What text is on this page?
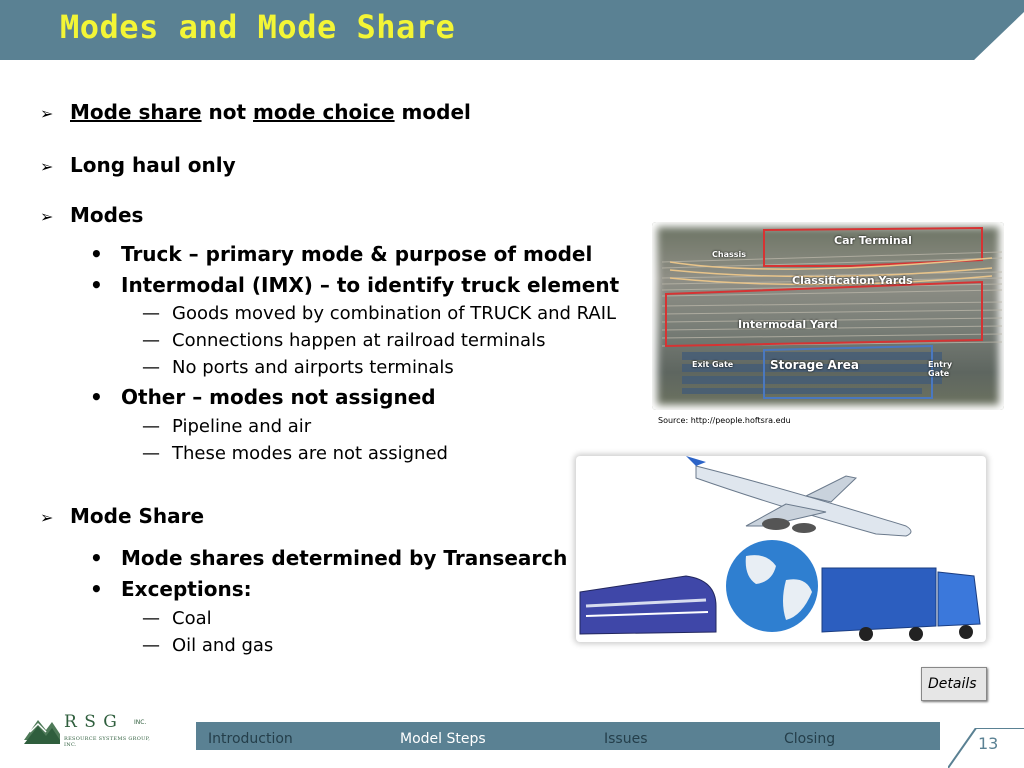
Modes and Mode Share
➢ Mode share not mode choice model
➢ Long haul only
➢ Modes
• Truck – primary mode & purpose of model
• Intermodal (IMX) – to identify truck element
— Goods moved by combination of TRUCK and RAIL
— Connections happen at railroad terminals
— No ports and airports terminals
• Other – modes not assigned
— Pipeline and air
— These modes are not assigned
➢ Mode Share
• Mode shares determined by Transearch
• Exceptions:
— Coal
— Oil and gas
Car Terminal
Chassis
Classification Yards
Intermodal Yard
Exit Gate	Storage Area	Entry Gate
Source: http://people.hoftsra.edu
Details
R S G	INC.
RESOURCE SYSTEMS GROUP, INC.	Introduction	Model Steps	Issues	Closing	13
